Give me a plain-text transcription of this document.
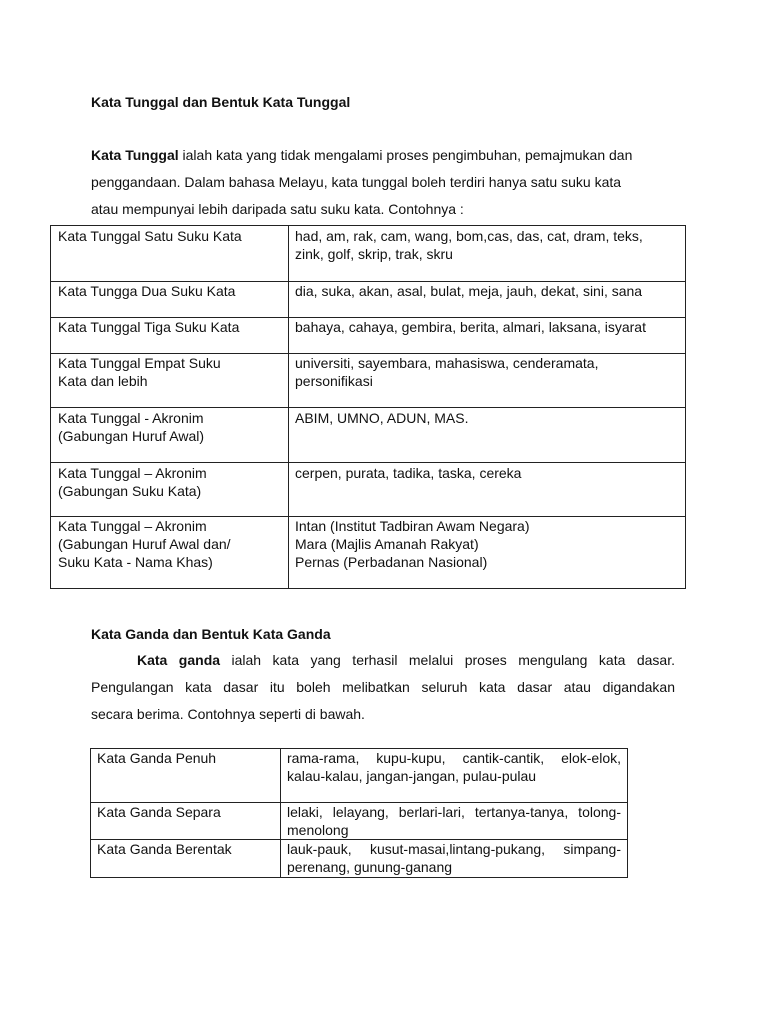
Kata Tunggal dan Bentuk Kata Tunggal
Kata Tunggal ialah kata yang tidak mengalami proses pengimbuhan, pemajmukan dan
penggandaan. Dalam bahasa Melayu, kata tunggal boleh terdiri hanya satu suku kata
atau mempunyai lebih daripada satu suku kata. Contohnya :
Kata Tunggal Satu Suku Kata	had, am, rak, cam, wang, bom,cas, das, cat, dram, teks,
zink, golf, skrip, trak, skru
Kata Tungga Dua Suku Kata	dia, suka, akan, asal, bulat, meja, jauh, dekat, sini, sana
Kata Tunggal Tiga Suku Kata	bahaya, cahaya, gembira, berita, almari, laksana, isyarat
Kata Tunggal Empat Suku
Kata dan lebih	universiti, sayembara, mahasiswa, cenderamata,
personifikasi
Kata Tunggal - Akronim
(Gabungan Huruf Awal)	ABIM, UMNO, ADUN, MAS.
Kata Tunggal – Akronim
(Gabungan Suku Kata)	cerpen, purata, tadika, taska, cereka
Kata Tunggal – Akronim
(Gabungan Huruf Awal dan/
Suku Kata - Nama Khas)	Intan (Institut Tadbiran Awam Negara)
Mara (Majlis Amanah Rakyat)
Pernas (Perbadanan Nasional)
Kata Ganda dan Bentuk Kata Ganda
Kata ganda ialah kata yang terhasil melalui proses mengulang kata dasar.
Pengulangan kata dasar itu boleh melibatkan seluruh kata dasar atau digandakan
secara berima. Contohnya seperti di bawah.
Kata Ganda Penuh	rama-rama, kupu-kupu, cantik-cantik, elok-elok, kalau-kalau, jangan-jangan, pulau-pulau
Kata Ganda Separa	lelaki, lelayang, berlari-lari, tertanya-tanya, tolong-menolong
Kata Ganda Berentak	lauk-pauk, kusut-masai,lintang-pukang, simpang-perenang, gunung-ganang
